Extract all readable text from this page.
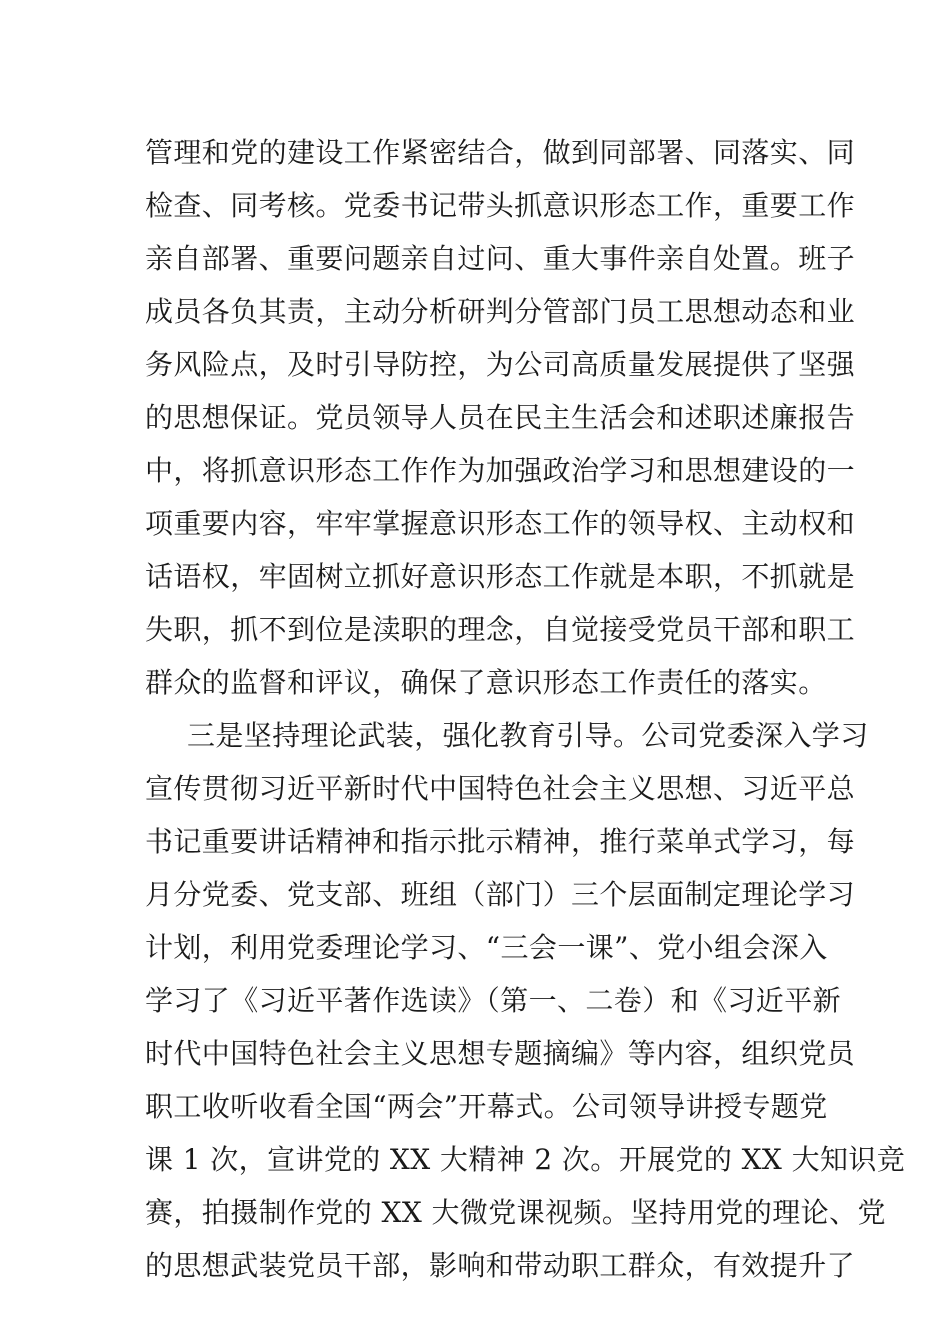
管理和党的建设工作紧密结合，做到同部署、同落实、同
检查、同考核。党委书记带头抓意识形态工作，重要工作
亲自部署、重要问题亲自过问、重大事件亲自处置。班子
成员各负其责，主动分析研判分管部门员工思想动态和业
务风险点，及时引导防控，为公司高质量发展提供了坚强
的思想保证。党员领导人员在民主生活会和述职述廉报告
中，将抓意识形态工作作为加强政治学习和思想建设的一
项重要内容，牢牢掌握意识形态工作的领导权、主动权和
话语权，牢固树立抓好意识形态工作就是本职，不抓就是
失职，抓不到位是渎职的理念，自觉接受党员干部和职工
群众的监督和评议，确保了意识形态工作责任的落实。
三是坚持理论武装，强化教育引导。公司党委深入学习
宣传贯彻习近平新时代中国特色社会主义思想、习近平总
书记重要讲话精神和指示批示精神，推行菜单式学习，每
月分党委、党支部、班组（部门）三个层面制定理论学习
计划，利用党委理论学习、“三会一课”、党小组会深入
学习了《习近平著作选读》（第一、二卷）和《习近平新
时代中国特色社会主义思想专题摘编》等内容，组织党员
职工收听收看全国“两会”开幕式。公司领导讲授专题党
课 1 次，宣讲党的 XX 大精神 2 次。开展党的 XX 大知识竞
赛，拍摄制作党的 XX 大微党课视频。坚持用党的理论、党
的思想武装党员干部，影响和带动职工群众，有效提升了
